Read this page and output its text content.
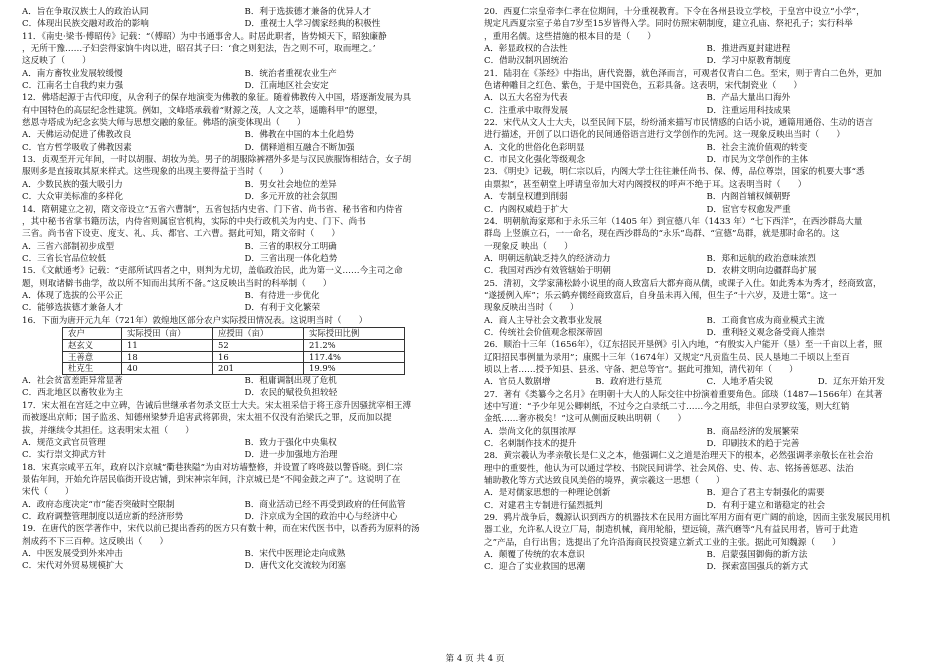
A．旨在争取汉族士人的政治认同	B．利于选拔德才兼备的优异人才
C．体现出民族交融对政治的影响	D．重视士人学习儒家经典的积极性
11．《南史·梁书·傅昭传》记载：“（傅昭）为中书通事舍人。时居此职者，皆势倾天下，昭独廉静
，无所干豫……子妇尝得家饷牛肉以进，昭召其子曰：‘食之则犯法，告之则不可，取而埋之。’
这反映了（　　）
A．南方畜牧业发展较缓慢	B．统治者重视农业生产
C．江南名士自我约束力强	D．江南地区社会安定
12．佛塔起源于古代印度，从舍利子的保存地演变为佛教的象征。随着佛教传入中国，塔逐渐发展为具
有中国特色的高层纪念性建筑。例如，文峰塔承载着“财源之茂，人文之萃，遥瞻科甲”的愿望，
慈恩寺塔成为纪念玄奘大师与思想交融的象征。佛塔的演变体现出（　　）
A．天佛运动促进了佛教改良	B．佛教在中国的本土化趋势
C．官方哲学吸收了佛教因素	D．儒释道相互融合不断加强
13．贞观至开元年间，一时以胡服、胡妆为美。男子的胡服除裤褶外多是与汉民族服饰相结合，女子胡
服则多是直接取其原来样式。这些现象的出现主要得益于当时（　　）
A．少数民族的强大吸引力	B．男女社会地位的差异
C．大众审美标准的多样化	D．多元开放的社会氛围
14．隋朝建立之初，隋文帝设立“五省六曹制”，五省包括内史省、门下省、尚书省、秘书省和内侍省
，其中秘书省掌书籍历法，内侍省则属宦官机构，实际的中央行政机关为内史、门下、尚书
三省。尚书省下设吏、度支、礼、兵、都官、工六曹。据此可知，隋文帝时（　　）
A．三省六部制初步成型	B．三省的职权分工明确
C．三省长官品位较低	D．三省出现一体化趋势
15．《文献通考》记载：“吏部所试四者之中，则判为尤切，盖临政治民，此为第一义……今主司之命
题，则取诸僻书曲学，故以所不知而出其所不备。”这反映出当时的科举制（　　）
A．体现了选拔的公平公正	B．有待进一步优化
C．能够选拔德才兼备人才	D．有利于文化繁荣
16．下面为唐开元九年（721年）敦煌地区部分农户实际授田情况表。这说明当时（　　）
农户	实际授田（亩）	应授田（亩）	实际授田比例
赵玄义	11	52	21.2%
王善意	18	16	117.4%
杜克生	40	201	19.9%
A．社会贫富差距异常显著	B．租庸调制出现了危机
C．西北地区以畜牧业为主	D．农民的赋役负担较轻
17．宋太祖在宫廷之中立碑，告诫后世继承者勿杀文臣士大夫。宋太祖采信于将王彦升因骚扰宰相王溥
而被逐出京师；国子监丞、知德州梁梦升追害武将郭贵，宋太祖不仅没有治梁氏之罪，反而加以提
拔，并继续令其担任。这表明宋太祖（　　）
A．规范文武官员管理	B．致力于强化中央集权
C．实行崇文抑武方针	D．进一步加强地方治理
18．宋真宗咸平五年，政府以汴京城“衢巷狭隘”为由对坊墙整修，并设置了咚咚鼓以警昏晓。到仁宗
景佑年间，开始允许居民临街开设店铺，到宋神宗年间，汴京城已是“不闻金鼓之声了”。这说明了在
宋代（　　）
A．政府态度决定“市”能否突破时空限制	B．商业活动已经不再受到政府的任何监管
C．政府调整管理制度以适应新的经济形势	D．汴京成为全国的政治中心与经济中心
19．在唐代的医学著作中，宋代以前已提出香药的医方只有数十种，而在宋代医书中，以香药为原料的汤
剂成药不下三百种。这反映出（　　）
A．中医发展受到外来冲击	B．宋代中医理论走向成熟
C．宋代对外贸易规模扩大	D．唐代文化交流较为闭塞
20．西夏仁宗皇帝李仁孝在位期间，十分重视教育。下令在各州县设立学校，于皇宫中设立“小学”，
规定凡西夏宗室子弟自7岁至15岁皆得入学。同时仿照宋朝制度，建立孔庙、祭祀孔子；实行科举
，重用名儒。这些措施的根本目的是（　　）
A．彰显政权的合法性	B．推进西夏封建进程
C．借助汉制巩固统治	D．学习中原教育制度
21．陆羽在《茶经》中指出，唐代瓷器，就色泽而言，可观者仅青白二色。至宋，则于青白二色外，更加
色诸种雕目之红色、紫色，于是中国瓷色，五彩具备。这表明，宋代制瓷业（　　）
A．以五大名窑为代表	B．产品大量出口海外
C．注重承中取得发展	D．注重运用科技成果
22．宋代从文人士大夫，以至民间下层，纷纷涌来描写市民情感的白话小说，通篇用通俗、生动的语言
进行描述，开创了以口语化的民间通俗语言进行文学创作的先河。这一现象反映出当时（　　）
A．文化的世俗化色彩明显	B．社会主流价值观的转变
C．市民文化强化等级观念	D．市民为文学创作的主体
23．《明史》记载，明仁宗以后，内阁大学士往往兼任尚书、保、傅，品位尊崇，国家的机要大事“悉
由票拟”，甚至朝堂上呼请皇帝加大对内阁授权的呼声不绝于耳。这表明当时（　　）
A．专制皇权遭到削弱	B．内阁首辅权倾朝野
C．内阁权威趋于扩大	D．宦官专权愈发严重
24．明朝航海家郑和于永乐三年（1405 年）到宣德八年（1433 年）“七下西洋”，在西沙群岛大量
群岛 上竖旗立石，一一命名，现在西沙群岛的“永乐”岛群、“宣德”岛群，就是那时命名的。这
一现象反 映出（　　）
A．明朝远航缺乏持久的经济动力	B．郑和远航的政治意味浓烈
C．我国对西沙有效管辖始于明朝	D．农耕文明向边疆群岛扩展
25．清初，文学家蒲松龄小说里的商人致富后大都弃商从儒，或课子入仕。如此秀本为秀才，经商致富，
“遂援例入库”；乐云鹤弃儒经商致富后，自身虽未再入闱，但生子“十六岁，及进士第”。这一
现象反映出当时（　　）
A．商人主导社会文教事业发展	B．工商食官成为商业模式主流
C．传统社会价值观念根深蒂固	D．重利轻义观念备受商人推崇
26．顺治十三年（1656年），《辽东招民开垦例》引入内地，“有殷实入户能开（垦）至一千亩以上者，照
辽阳招民事例量为录用”；康熙十三年（1674年）又规定“凡贡监生员、民人垦地二千顷以上至百
顷以上者……授予知县、县丞、守备、把总等官”。据此可推知，清代初年（　　）
A．官员人数剧增	B．政府进行垦荒	C．人地矛盾尖锐	D．辽东开始开发
27．著有《类纂今之名月》在明朝十大人的人际交往中扮演着重要角色。邱琰（1487—1566年）在其著
述中写道：“予少年见公卿刺纸，不过今之白录纸二寸……今之用纸，非但白录罗纹笺，则大红销
金纸……奢亦极矣！”这可从侧面反映出明朝（　　）
A．崇尚文化的氛围浓厚	B．商品经济的发展繁荣
C．名刺制作技术的提升	D．印刷技术的趋于完善
28．黄宗羲认为孝亲敬长是仁义之本，他强调仁义之道是治理天下的根本，必然强调孝亲敬长在社会治
理中的重要性，他认为可以通过学校、书院民间讲学、社会风俗、史、传、志、铭扬善惩恶、法治
辅助教化等方式达致良风美俗的境界，黄宗羲这一思想（　　）
A．是对儒家思想的一种理论创新	B．迎合了君主专制强化的需要
C．对建君主专制进行猛烈抵判	D．有利于建立和谐稳定的社会
29．鸦片战争后，魏源认识到西方的机器技术在民用方面比军用方面有更广阔的前途，因而主张发展民用机
器工业，允许私人设立厂局，制造机械，商用轮船，望远镜，蒸汽磨等“凡有益民用者，皆可于此造
之”产品，自行出售；选提出了允许沿海商民投资建立新式工业的主张。据此可知魏源（　　）
A．颠覆了传统的农本意识	B．启蒙强国御侮的新方法
C．迎合了实业救国的思潮	D．探索富国强兵的新方式
第 4 页 共 4 页
